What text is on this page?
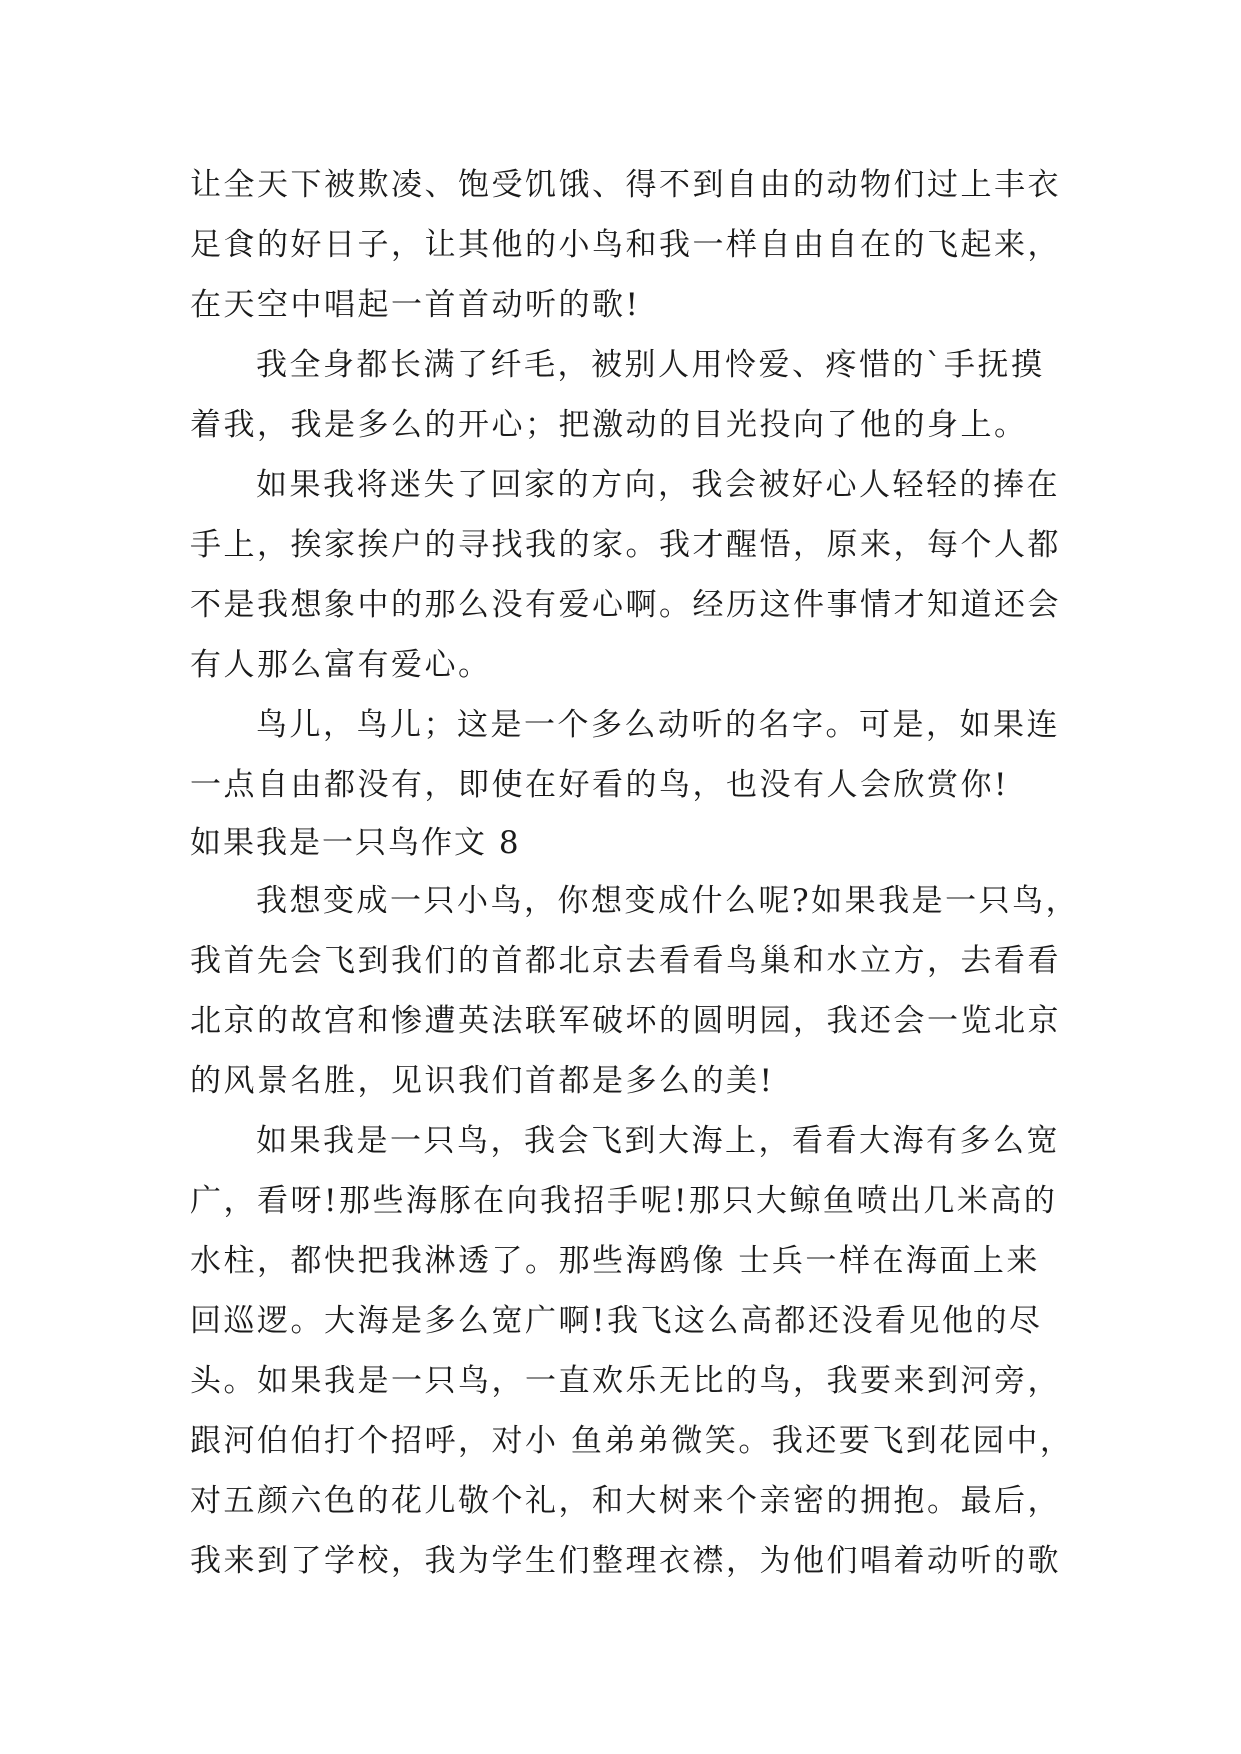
让全天下被欺凌、饱受饥饿、得不到自由的动物们过上丰衣
足食的好日子，让其他的小鸟和我一样自由自在的飞起来，
在天空中唱起一首首动听的歌!
我全身都长满了纤毛，被别人用怜爱、疼惜的`手抚摸
着我，我是多么的开心；把激动的目光投向了他的身上。
如果我将迷失了回家的方向，我会被好心人轻轻的捧在
手上，挨家挨户的寻找我的家。我才醒悟，原来，每个人都
不是我想象中的那么没有爱心啊。经历这件事情才知道还会
有人那么富有爱心。
鸟儿，鸟儿；这是一个多么动听的名字。可是，如果连
一点自由都没有，即使在好看的鸟，也没有人会欣赏你!
如果我是一只鸟作文 8
我想变成一只小鸟，你想变成什么呢?如果我是一只鸟，
我首先会飞到我们的首都北京去看看鸟巢和水立方，去看看
北京的故宫和惨遭英法联军破坏的圆明园，我还会一览北京
的风景名胜，见识我们首都是多么的美!
如果我是一只鸟，我会飞到大海上，看看大海有多么宽
广，看呀!那些海豚在向我招手呢!那只大鲸鱼喷出几米高的
水柱，都快把我淋透了。那些海鸥像 士兵一样在海面上来
回巡逻。大海是多么宽广啊!我飞这么高都还没看见他的尽
头。如果我是一只鸟，一直欢乐无比的鸟，我要来到河旁，
跟河伯伯打个招呼，对小 鱼弟弟微笑。我还要飞到花园中，
对五颜六色的花儿敬个礼，和大树来个亲密的拥抱。最后，
我来到了学校，我为学生们整理衣襟，为他们唱着动听的歌
